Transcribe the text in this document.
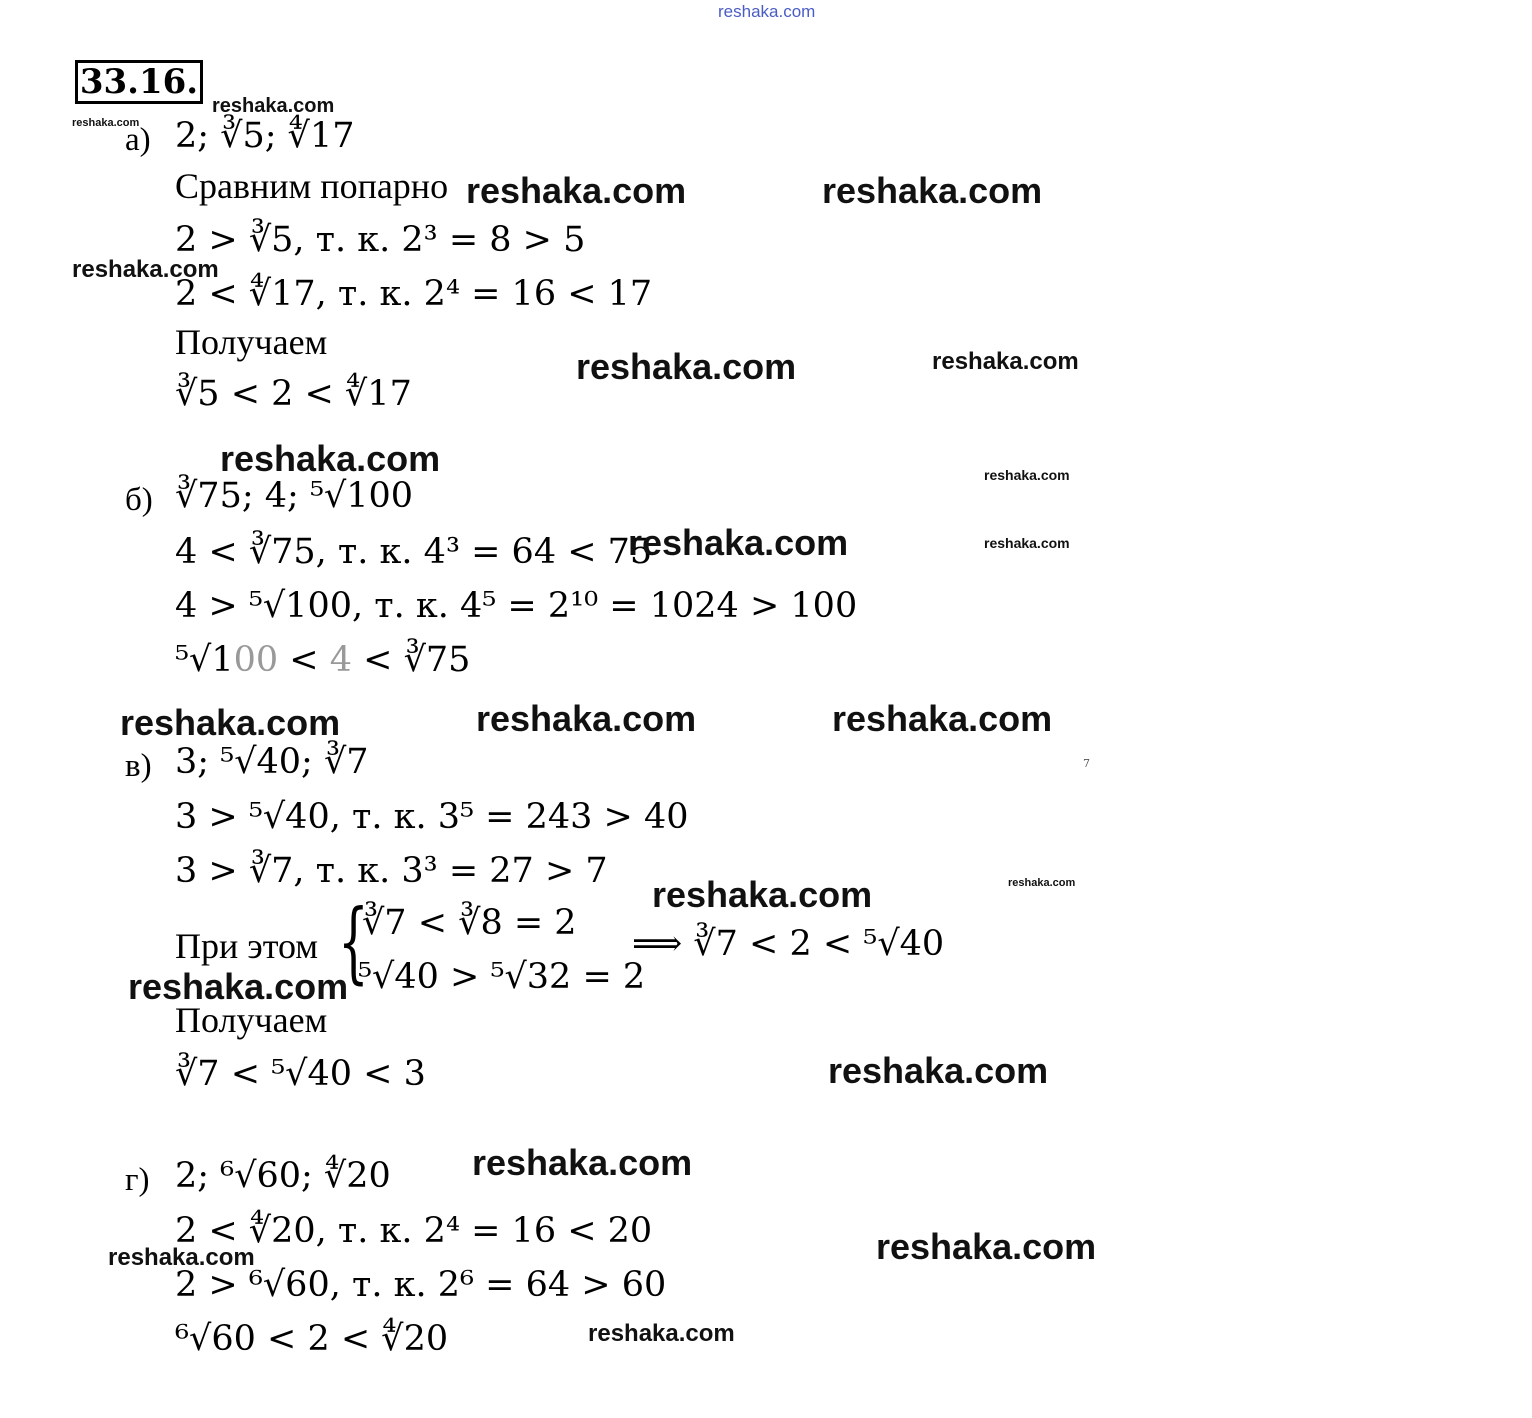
reshaka.com
33.16.
а) 2; ∛5; ∜17
Сравним попарно
2 > ∛5, т. к. 2³ = 8 > 5
2 < ∜17, т. к. 2⁴ = 16 < 17
Получаем
∛5 < 2 < ∜17
б) ∛75; 4; ⁵√100
4 < ∛75, т. к. 4³ = 64 < 75
4 > ⁵√100, т. к. 4⁵ = 2¹⁰ = 1024 > 100
⁵√100 < 4 < ∛75
в) 3; ⁵√40; ∛7
3 > ⁵√40, т. к. 3⁵ = 243 > 40
3 > ∛7, т. к. 3³ = 27 > 7
При этом {
∛7 < ∛8 = 2
⁵√40 > ⁵√32 = 2
⟹ ∛7 < 2 < ⁵√40
Получаем
∛7 < ⁵√40 < 3
г) 2; ⁶√60; ∜20
2 < ∜20, т. к. 2⁴ = 16 < 20
2 > ⁶√60, т. к. 2⁶ = 64 > 60
⁶√60 < 2 < ∜20
reshaka.com
reshaka.com
reshaka.com	reshaka.com
reshaka.com
reshaka.com	reshaka.com
reshaka.com	reshaka.com
reshaka.com	reshaka.com
reshaka.com	reshaka.com	reshaka.com
7
reshaka.com	reshaka.com
reshaka.com
reshaka.com
reshaka.com
reshaka.com
reshaka.com
reshaka.com
